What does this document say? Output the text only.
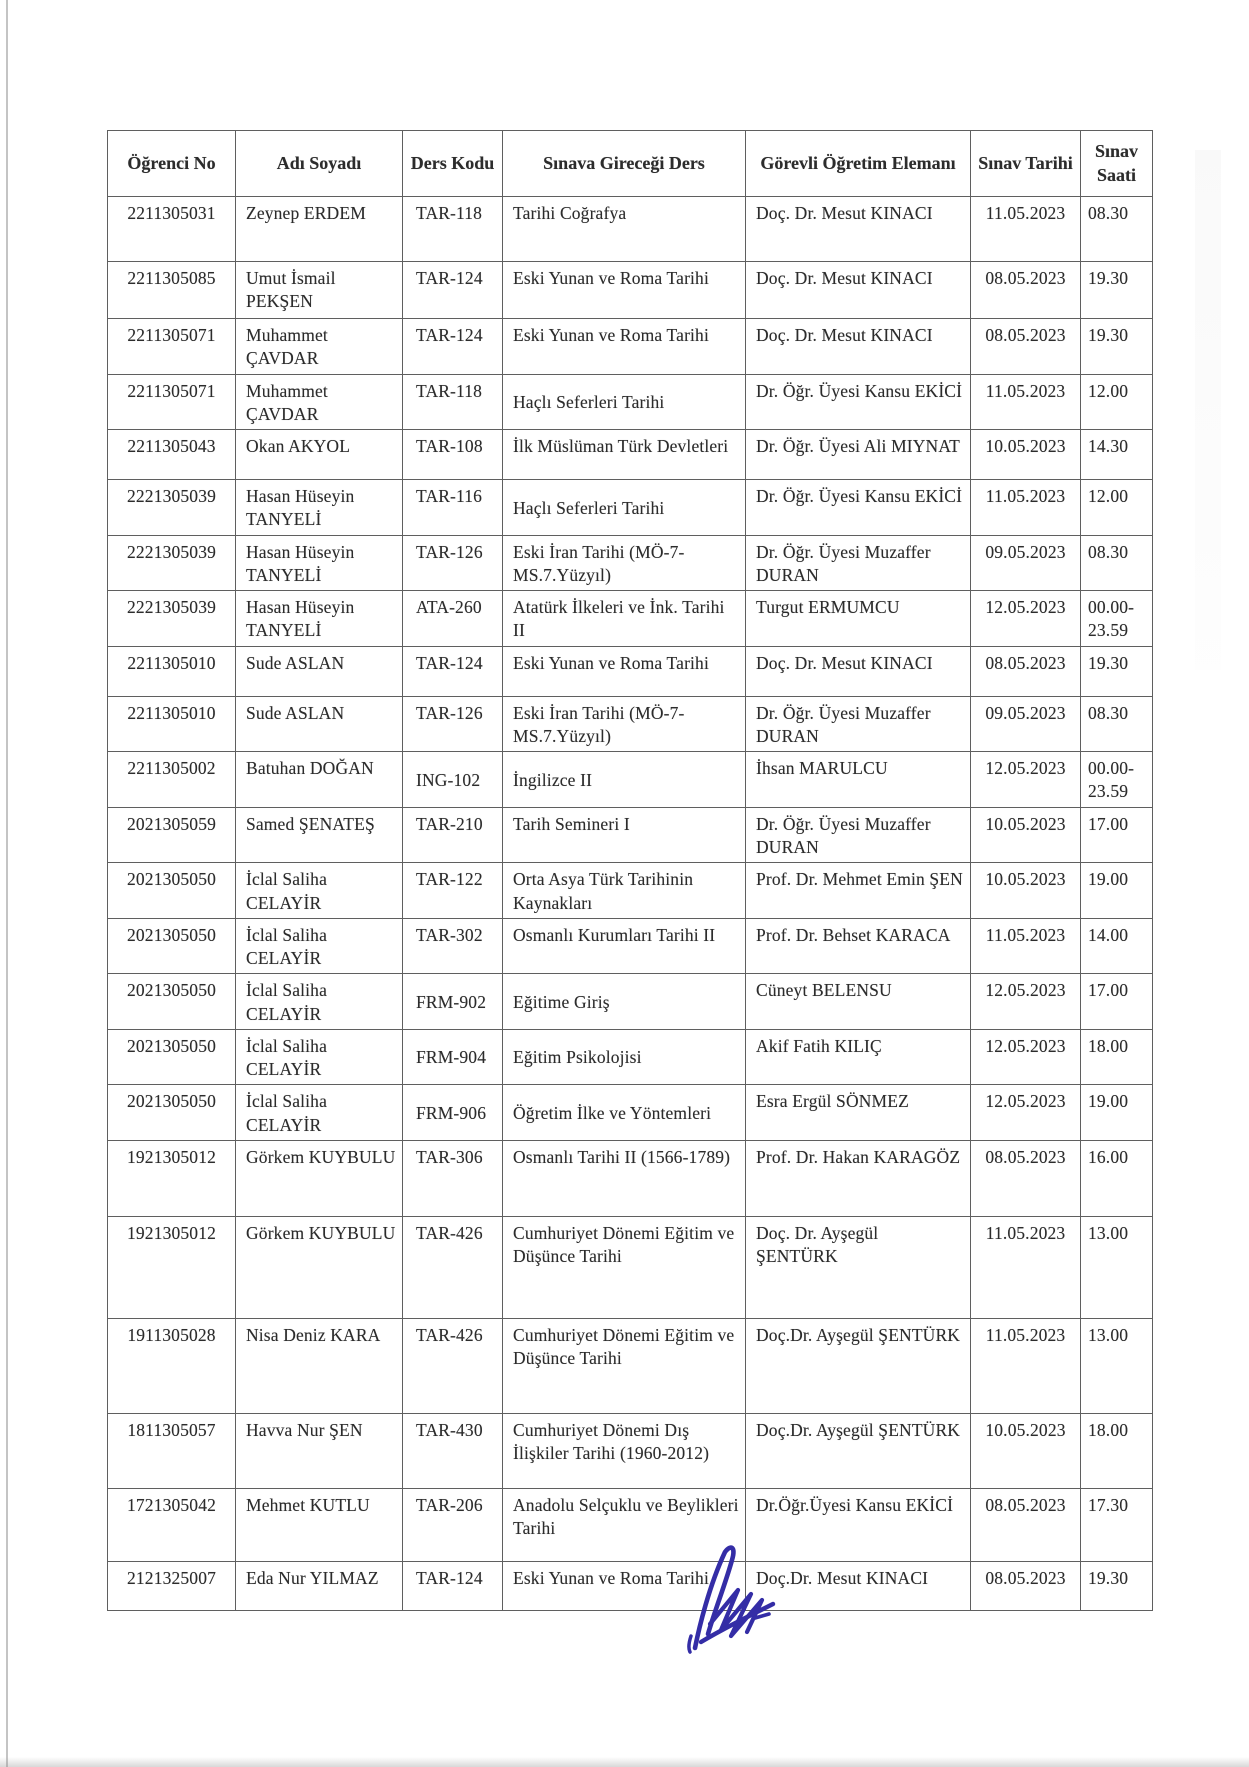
Öğrenci No	Adı Soyadı	Ders Kodu	Sınava Gireceği Ders	Görevli Öğretim Elemanı	Sınav Tarihi	Sınav Saati
2211305031	Zeynep ERDEM	TAR-118	Tarihi Coğrafya	Doç. Dr. Mesut KINACI	11.05.2023	08.30
2211305085	Umut İsmail PEKŞEN	TAR-124	Eski Yunan ve Roma Tarihi	Doç. Dr. Mesut KINACI	08.05.2023	19.30
2211305071	Muhammet ÇAVDAR	TAR-124	Eski Yunan ve Roma Tarihi	Doç. Dr. Mesut KINACI	08.05.2023	19.30
2211305071	Muhammet ÇAVDAR	TAR-118	Haçlı Seferleri Tarihi	Dr. Öğr. Üyesi Kansu EKİCİ	11.05.2023	12.00
2211305043	Okan AKYOL	TAR-108	İlk Müslüman Türk Devletleri	Dr. Öğr. Üyesi Ali MIYNAT	10.05.2023	14.30
2221305039	Hasan Hüseyin TANYELİ	TAR-116	Haçlı Seferleri Tarihi	Dr. Öğr. Üyesi Kansu EKİCİ	11.05.2023	12.00
2221305039	Hasan Hüseyin TANYELİ	TAR-126	Eski İran Tarihi (MÖ-7-MS.7.Yüzyıl)	Dr. Öğr. Üyesi Muzaffer DURAN	09.05.2023	08.30
2221305039	Hasan Hüseyin TANYELİ	ATA-260	Atatürk İlkeleri ve İnk. Tarihi II	Turgut ERMUMCU	12.05.2023	00.00-23.59
2211305010	Sude ASLAN	TAR-124	Eski Yunan ve Roma Tarihi	Doç. Dr. Mesut KINACI	08.05.2023	19.30
2211305010	Sude ASLAN	TAR-126	Eski İran Tarihi (MÖ-7-MS.7.Yüzyıl)	Dr. Öğr. Üyesi Muzaffer DURAN	09.05.2023	08.30
2211305002	Batuhan DOĞAN	ING-102	İngilizce II	İhsan MARULCU	12.05.2023	00.00-23.59
2021305059	Samed ŞENATEŞ	TAR-210	Tarih Semineri I	Dr. Öğr. Üyesi Muzaffer DURAN	10.05.2023	17.00
2021305050	İclal Saliha CELAYİR	TAR-122	Orta Asya Türk Tarihinin Kaynakları	Prof. Dr. Mehmet Emin ŞEN	10.05.2023	19.00
2021305050	İclal Saliha CELAYİR	TAR-302	Osmanlı Kurumları Tarihi II	Prof. Dr. Behset KARACA	11.05.2023	14.00
2021305050	İclal Saliha CELAYİR	FRM-902	Eğitime Giriş	Cüneyt BELENSU	12.05.2023	17.00
2021305050	İclal Saliha CELAYİR	FRM-904	Eğitim Psikolojisi	Akif Fatih KILIÇ	12.05.2023	18.00
2021305050	İclal Saliha CELAYİR	FRM-906	Öğretim İlke ve Yöntemleri	Esra Ergül SÖNMEZ	12.05.2023	19.00
1921305012	Görkem KUYBULU	TAR-306	Osmanlı Tarihi II (1566-1789)	Prof. Dr. Hakan KARAGÖZ	08.05.2023	16.00
1921305012	Görkem KUYBULU	TAR-426	Cumhuriyet Dönemi Eğitim ve Düşünce Tarihi	Doç. Dr. Ayşegül ŞENTÜRK	11.05.2023	13.00
1911305028	Nisa Deniz KARA	TAR-426	Cumhuriyet Dönemi Eğitim ve Düşünce Tarihi	Doç.Dr. Ayşegül ŞENTÜRK	11.05.2023	13.00
1811305057	Havva Nur ŞEN	TAR-430	Cumhuriyet Dönemi Dış İlişkiler Tarihi (1960-2012)	Doç.Dr. Ayşegül ŞENTÜRK	10.05.2023	18.00
1721305042	Mehmet KUTLU	TAR-206	Anadolu Selçuklu ve Beylikleri Tarihi	Dr.Öğr.Üyesi Kansu EKİCİ	08.05.2023	17.30
2121325007	Eda Nur YILMAZ	TAR-124	Eski Yunan ve Roma Tarihi	Doç.Dr. Mesut KINACI	08.05.2023	19.30
